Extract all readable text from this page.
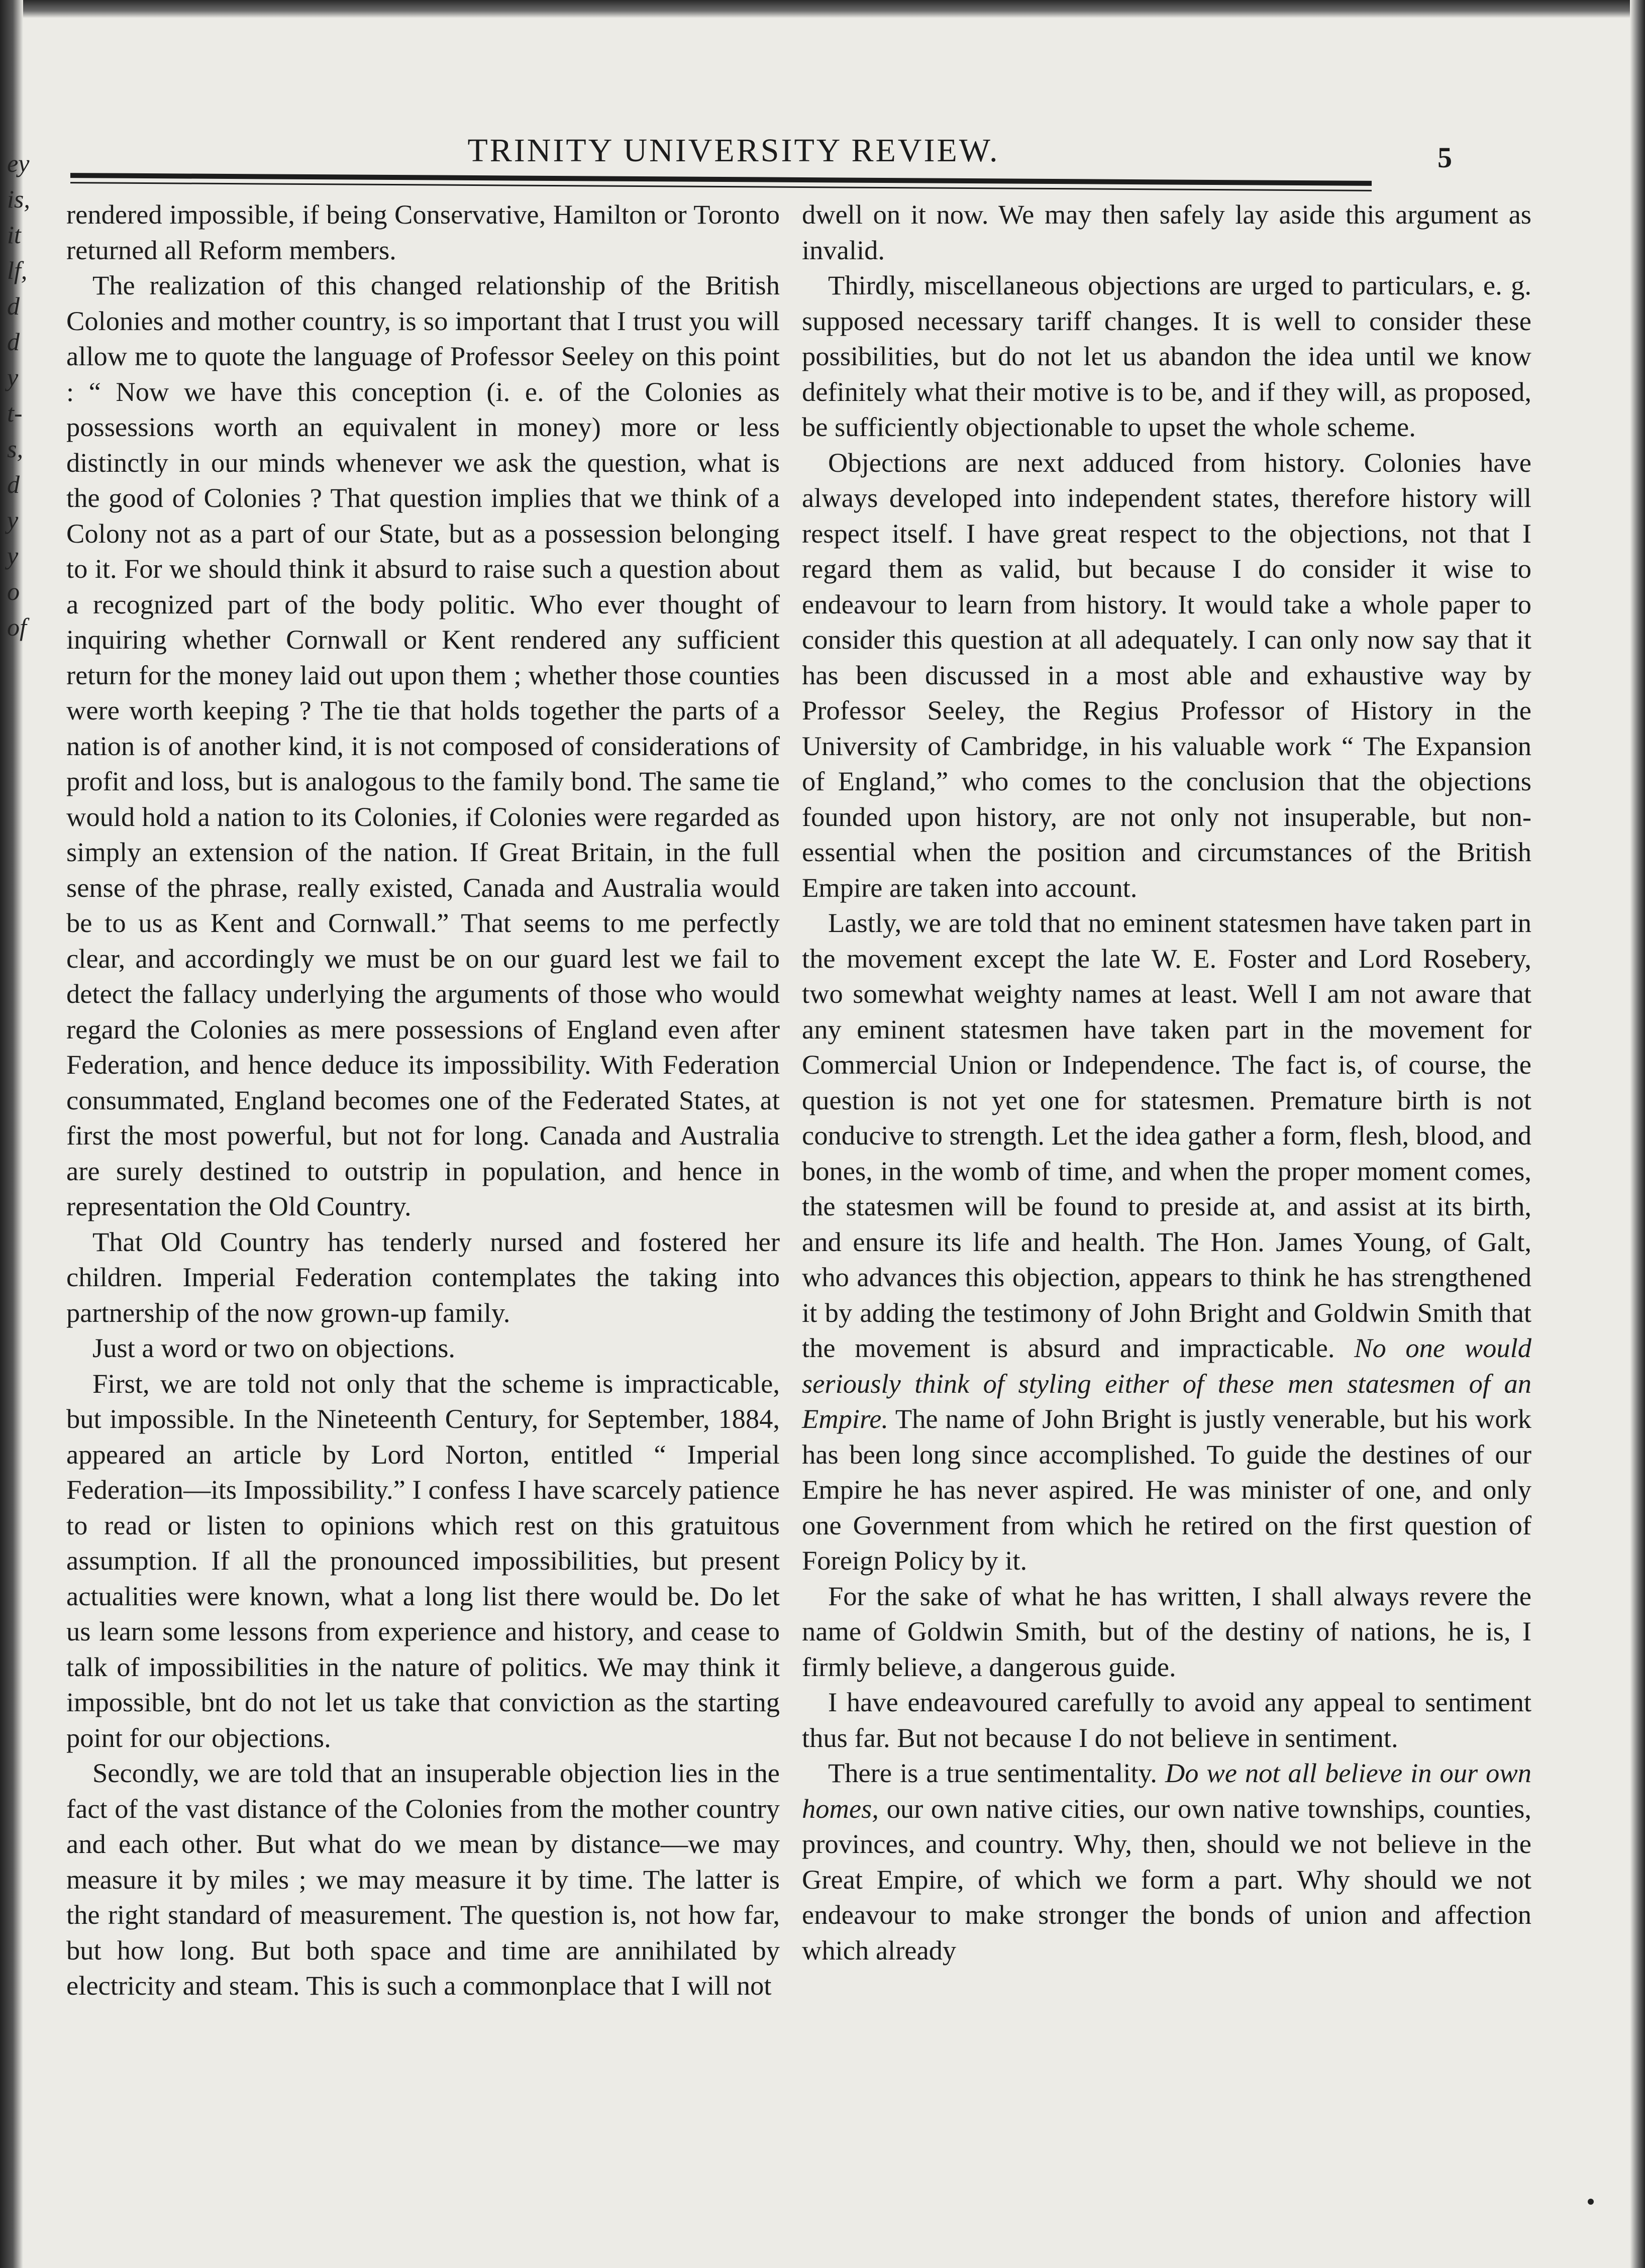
ey
is,
it
lf,
d
d
y
t-
s,
d
y
y
o
of
TRINITY UNIVERSITY REVIEW.	5

rendered impossible, if being Conservative, Hamilton or Toronto returned all Reform members.

The realization of this changed relationship of the British Colonies and mother country, is so important that I trust you will allow me to quote the language of Professor Seeley on this point : “ Now we have this conception (i. e. of the Colonies as possessions worth an equivalent in money) more or less distinctly in our minds whenever we ask the question, what is the good of Colonies ? That question implies that we think of a Colony not as a part of our State, but as a possession belonging to it. For we should think it absurd to raise such a question about a recognized part of the body politic. Who ever thought of inquiring whether Cornwall or Kent rendered any sufficient return for the money laid out upon them ; whether those counties were worth keeping ? The tie that holds together the parts of a nation is of another kind, it is not composed of considerations of profit and loss, but is analogous to the family bond. The same tie would hold a nation to its Colonies, if Colonies were regarded as simply an extension of the nation. If Great Britain, in the full sense of the phrase, really existed, Canada and Australia would be to us as Kent and Cornwall.” That seems to me perfectly clear, and accordingly we must be on our guard lest we fail to detect the fallacy underlying the arguments of those who would regard the Colonies as mere possessions of England even after Federation, and hence deduce its impossibility. With Federation consummated, England becomes one of the Federated States, at first the most powerful, but not for long. Canada and Australia are surely destined to outstrip in population, and hence in representation the Old Country.

That Old Country has tenderly nursed and fostered her children. Imperial Federation contemplates the taking into partnership of the now grown-up family.

Just a word or two on objections.

First, we are told not only that the scheme is impracticable, but impossible. In the Nineteenth Century, for September, 1884, appeared an article by Lord Norton, entitled “ Imperial Federation—its Impossibility.” I confess I have scarcely patience to read or listen to opinions which rest on this gratuitous assumption. If all the pronounced impossibilities, but present actualities were known, what a long list there would be. Do let us learn some lessons from experience and history, and cease to talk of impossibilities in the nature of politics. We may think it impossible, bnt do not let us take that conviction as the starting point for our objections.

Secondly, we are told that an insuperable objection lies in the fact of the vast distance of the Colonies from the mother country and each other. But what do we mean by distance—we may measure it by miles ; we may measure it by time. The latter is the right standard of measurement. The question is, not how far, but how long. But both space and time are annihilated by electricity and steam. This is such a commonplace that I will not

dwell on it now. We may then safely lay aside this argument as invalid.

Thirdly, miscellaneous objections are urged to particulars, e. g. supposed necessary tariff changes. It is well to consider these possibilities, but do not let us abandon the idea until we know definitely what their motive is to be, and if they will, as proposed, be sufficiently objectionable to upset the whole scheme.

Objections are next adduced from history. Colonies have always developed into independent states, therefore history will respect itself. I have great respect to the objections, not that I regard them as valid, but because I do consider it wise to endeavour to learn from history. It would take a whole paper to consider this question at all adequately. I can only now say that it has been discussed in a most able and exhaustive way by Professor Seeley, the Regius Professor of History in the University of Cambridge, in his valuable work “ The Expansion of England,” who comes to the conclusion that the objections founded upon history, are not only not insuperable, but non-essential when the position and circumstances of the British Empire are taken into account.

Lastly, we are told that no eminent statesmen have taken part in the movement except the late W. E. Foster and Lord Rosebery, two somewhat weighty names at least. Well I am not aware that any eminent statesmen have taken part in the movement for Commercial Union or Independence. The fact is, of course, the question is not yet one for statesmen. Premature birth is not conducive to strength. Let the idea gather a form, flesh, blood, and bones, in the womb of time, and when the proper moment comes, the statesmen will be found to preside at, and assist at its birth, and ensure its life and health. The Hon. James Young, of Galt, who advances this objection, appears to think he has strengthened it by adding the testimony of John Bright and Goldwin Smith that the movement is absurd and impracticable. No one would seriously think of styling either of these men statesmen of an Empire. The name of John Bright is justly venerable, but his work has been long since accomplished. To guide the destines of our Empire he has never aspired. He was minister of one, and only one Government from which he retired on the first question of Foreign Policy by it.

For the sake of what he has written, I shall always revere the name of Goldwin Smith, but of the destiny of nations, he is, I firmly believe, a dangerous guide.

I have endeavoured carefully to avoid any appeal to sentiment thus far. But not because I do not believe in sentiment.

There is a true sentimentality. Do we not all believe in our own homes, our own native cities, our own native townships, counties, provinces, and country. Why, then, should we not believe in the Great Empire, of which we form a part. Why should we not endeavour to make stronger the bonds of union and affection which already
